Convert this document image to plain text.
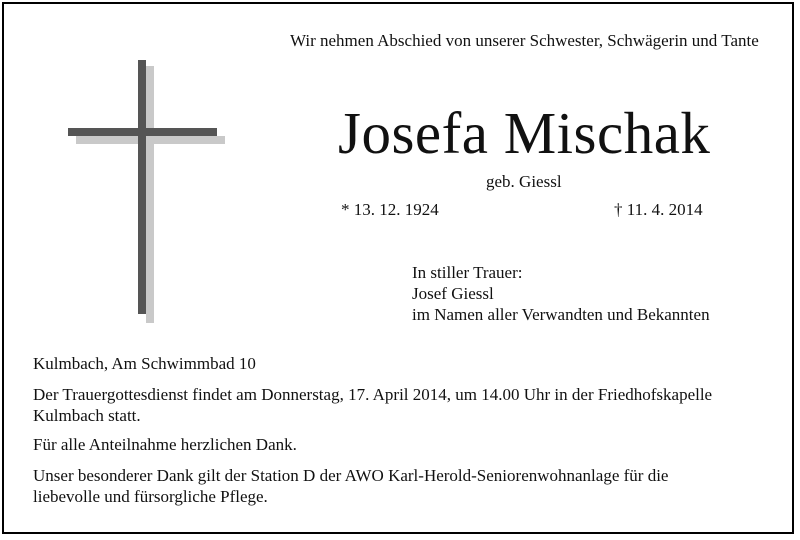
Wir nehmen Abschied von unserer Schwester, Schwägerin und Tante
Josefa Mischak
geb. Giessl
* 13. 12. 1924	† 11. 4. 2014
In stiller Trauer:
Josef Giessl
im Namen aller Verwandten und Bekannten
Kulmbach, Am Schwimmbad 10
Der Trauergottesdienst findet am Donnerstag, 17. April 2014, um 14.00 Uhr in der Friedhofskapelle Kulmbach statt.
Für alle Anteilnahme herzlichen Dank.
Unser besonderer Dank gilt der Station D der AWO Karl-Herold-Seniorenwohnanlage für die liebevolle und fürsorgliche Pflege.
